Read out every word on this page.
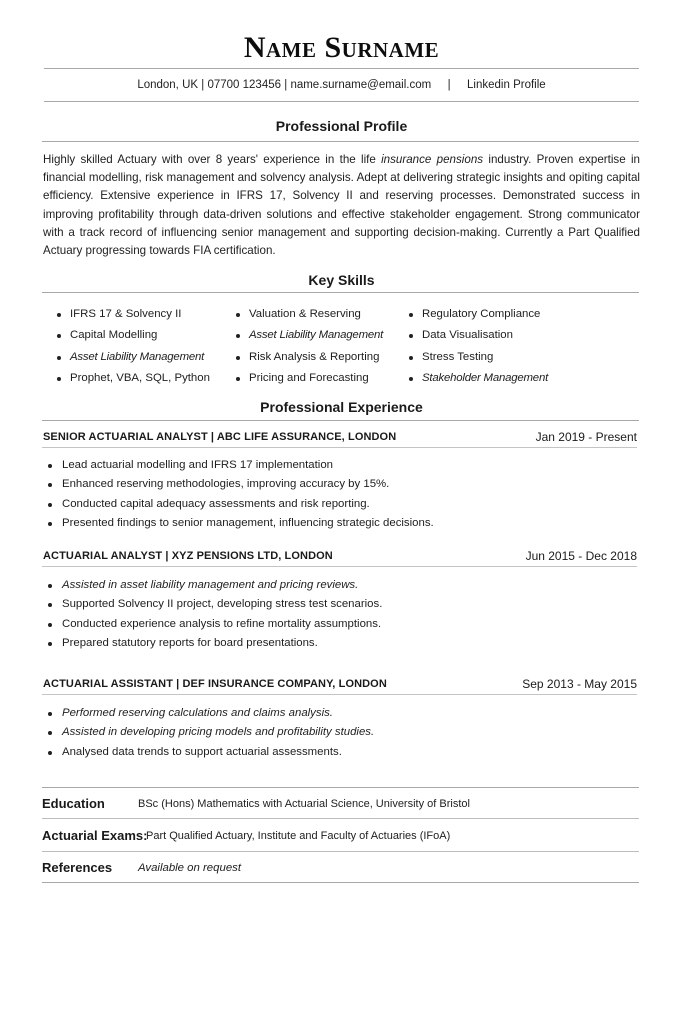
Name Surname
London, UK | 07700 123456 | name.surname@email.com | Linkedin Profile
Professional Profile
Highly skilled Actuary with over 8 years' experience in the life insurance pensions industry. Proven expertise in financial modelling, risk management and solvency analysis. Adept at delivering strategic insights and opiting capital efficiency. Extensive experience in IFRS 17, Solvency II and reserving processes. Demonstrated success in improving profitability through data-driven solutions and effective stakeholder engagement. Strong communicator with a track record of influencing senior management and supporting decision-making. Currently a Part Qualified Actuary progressing towards FIA certification.
Key Skills
IFRS 17 & Solvency II
Capital Modelling
Asset Liability Management
Prophet, VBA, SQL, Python
Valuation & Reserving
Asset Liability Management
Risk Analysis & Reporting
Pricing and Forecasting
Regulatory Compliance
Data Visualisation
Stress Testing
Stakeholder Management
Professional Experience
SENIOR ACTUARIAL ANALYST | ABC LIFE ASSURANCE, LONDON	Jan 2019 - Present
Lead actuarial modelling and IFRS 17 implementation
Enhanced reserving methodologies, improving accuracy by 15%.
Conducted capital adequacy assessments and risk reporting.
Presented findings to senior management, influencing strategic decisions.
ACTUARIAL ANALYST | XYZ PENSIONS LTD, LONDON	Jun 2015 - Dec 2018
Assisted in asset liability management and pricing reviews.
Supported Solvency II project, developing stress test scenarios.
Conducted experience analysis to refine mortality assumptions.
Prepared statutory reports for board presentations.
ACTUARIAL ASSISTANT | DEF INSURANCE COMPANY, LONDON	Sep 2013 - May 2015
Performed reserving calculations and claims analysis.
Assisted in developing pricing models and profitability studies.
Analysed data trends to support actuarial assessments.
Education	BSc (Hons) Mathematics with Actuarial Science, University of Bristol
Actuarial Exams:
Part Qualified Actuary, Institute and Faculty of Actuaries (IFoA)
References Available on request
